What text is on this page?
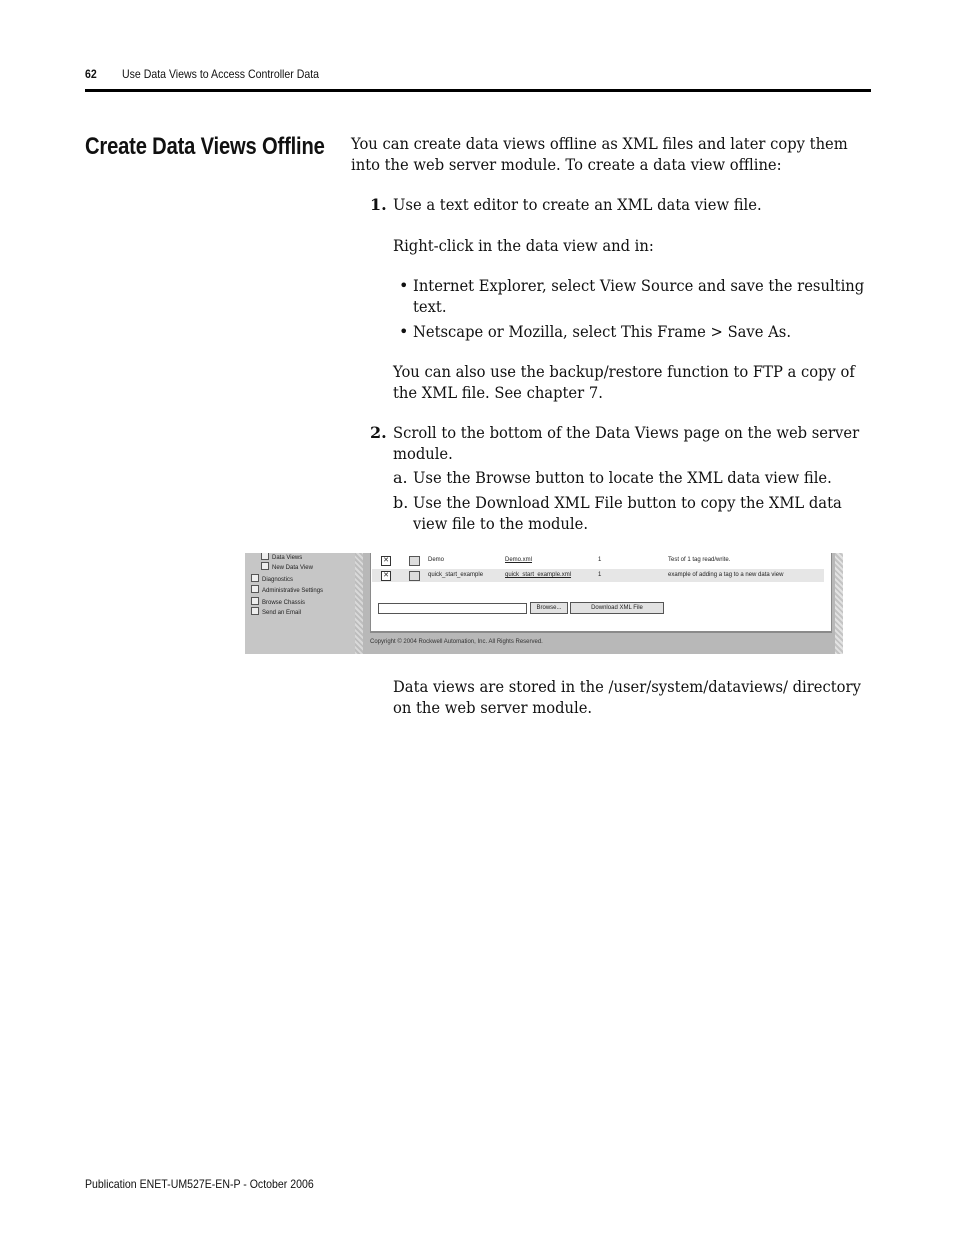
62 Use Data Views to Access Controller Data
Create Data Views Offline You can create data views offline as XML files and later copy them into the web server module. To create a data view offline:
1. Use a text editor to create an XML data view file.
Right-click in the data view and in:
• Internet Explorer, select View Source and save the resulting text.
• Netscape or Mozilla, select This Frame > Save As.
You can also use the backup/restore function to FTP a copy of the XML file. See chapter 7.
2. Scroll to the bottom of the Data Views page on the web server module.
a. Use the Browse button to locate the XML data view file.
b. Use the Download XML File button to copy the XML data view file to the module.
Data Views
New Data View
Diagnostics
Administrative Settings
Browse Chassis
Send an Email
✕	Demo	Demo.xml	1	Test of 1 tag read/write.
✕	quick_start_example	quick_start_example.xml	1	example of adding a tag to a new data view
Browse...	Download XML File
Copyright © 2004 Rockwell Automation, Inc. All Rights Reserved.
Data views are stored in the /user/system/dataviews/ directory on the web server module.
Publication ENET-UM527E-EN-P - October 2006
